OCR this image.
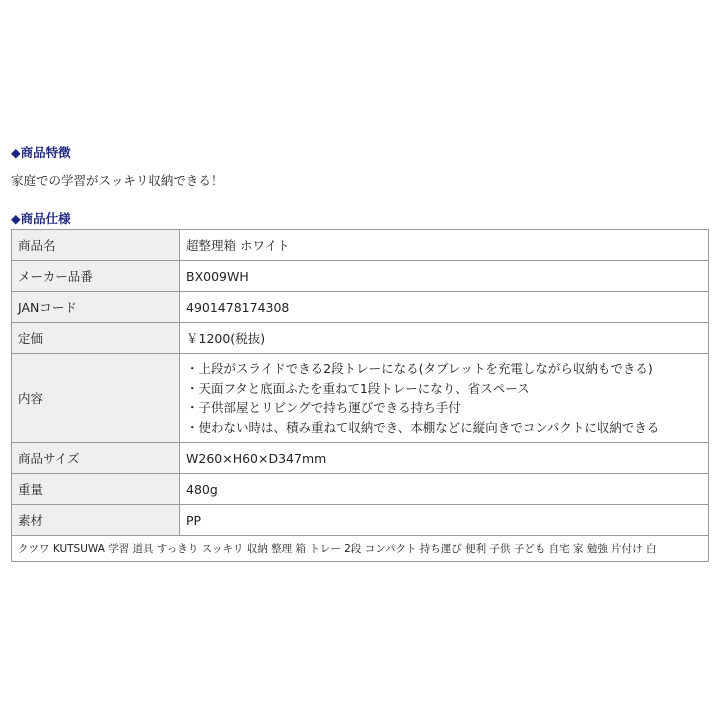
◆商品特徴
家庭での学習がスッキリ収納できる！
◆商品仕様
商品名	超整理箱 ホワイト
メーカー品番	BX009WH
JANコード	4901478174308
定価	￥1200(税抜)
内容	・上段がスライドできる2段トレーになる(タブレットを充電しながら収納もできる)
・天面フタと底面ふたを重ねて1段トレーになり、省スペース
・子供部屋とリビングで持ち運びできる持ち手付
・使わない時は、積み重ねて収納でき、本棚などに縦向きでコンパクトに収納できる

商品サイズ	W260×H60×D347mm
重量	480g
素材	PP
クツワ KUTSUWA 学習 道具 すっきり スッキリ 収納 整理 箱 トレー 2段 コンパクト 持ち運び 便利 子供 子ども 自宅 家 勉強 片付け 白	
